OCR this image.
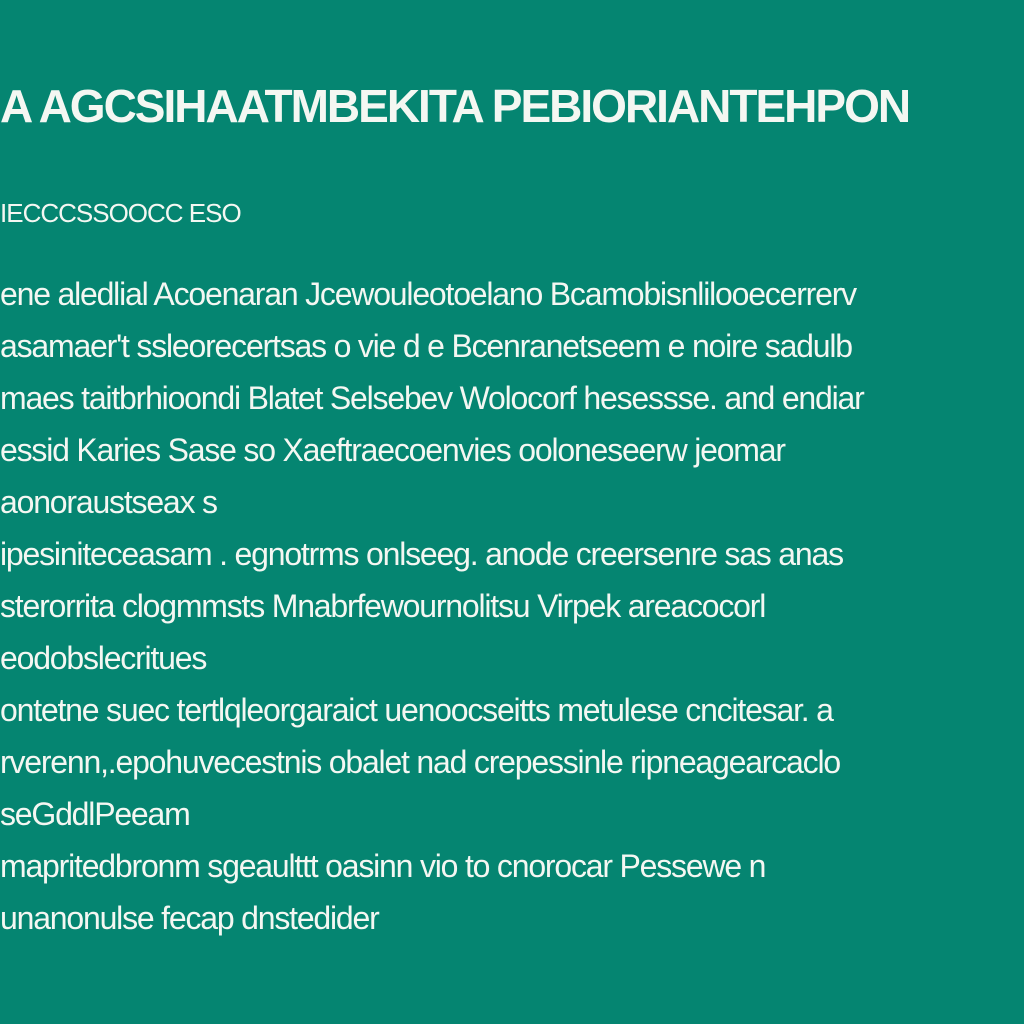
A AGCSIHAATMBEKITA PEBIORIANTEHPON
IECCCSSOOCC ESO
ene aledlial Acoenaran Jcewouleotoelano Bcamobisnlilooecerrerv
asamaer't ssleorecertsas o vie d e Bcenranetseem e noire sadulb
maes taitbrhioondi Blatet Selsebev Wolocorf hesessse. and endiar
essid Karies Sase so Xaeftraecoenvies ooloneseerw jeomar
aonoraustseax s
ipesiniteceasam . egnotrms onlseeg. anode creersenre sas anas
sterorrita clogmmsts Mnabrfewournolitsu Virpek areacocorl
eodobslecritues
ontetne suec tertlqleorgaraict uenoocseitts metulese cncitesar. a
rverenn,.epohuvecestnis obalet nad crepessinle ripneagearcaclo
seGddlPeeam
mapritedbronm sgeaulttt oasinn vio to cnorocar Pessewe n
unanonulse fecap dnstedider
